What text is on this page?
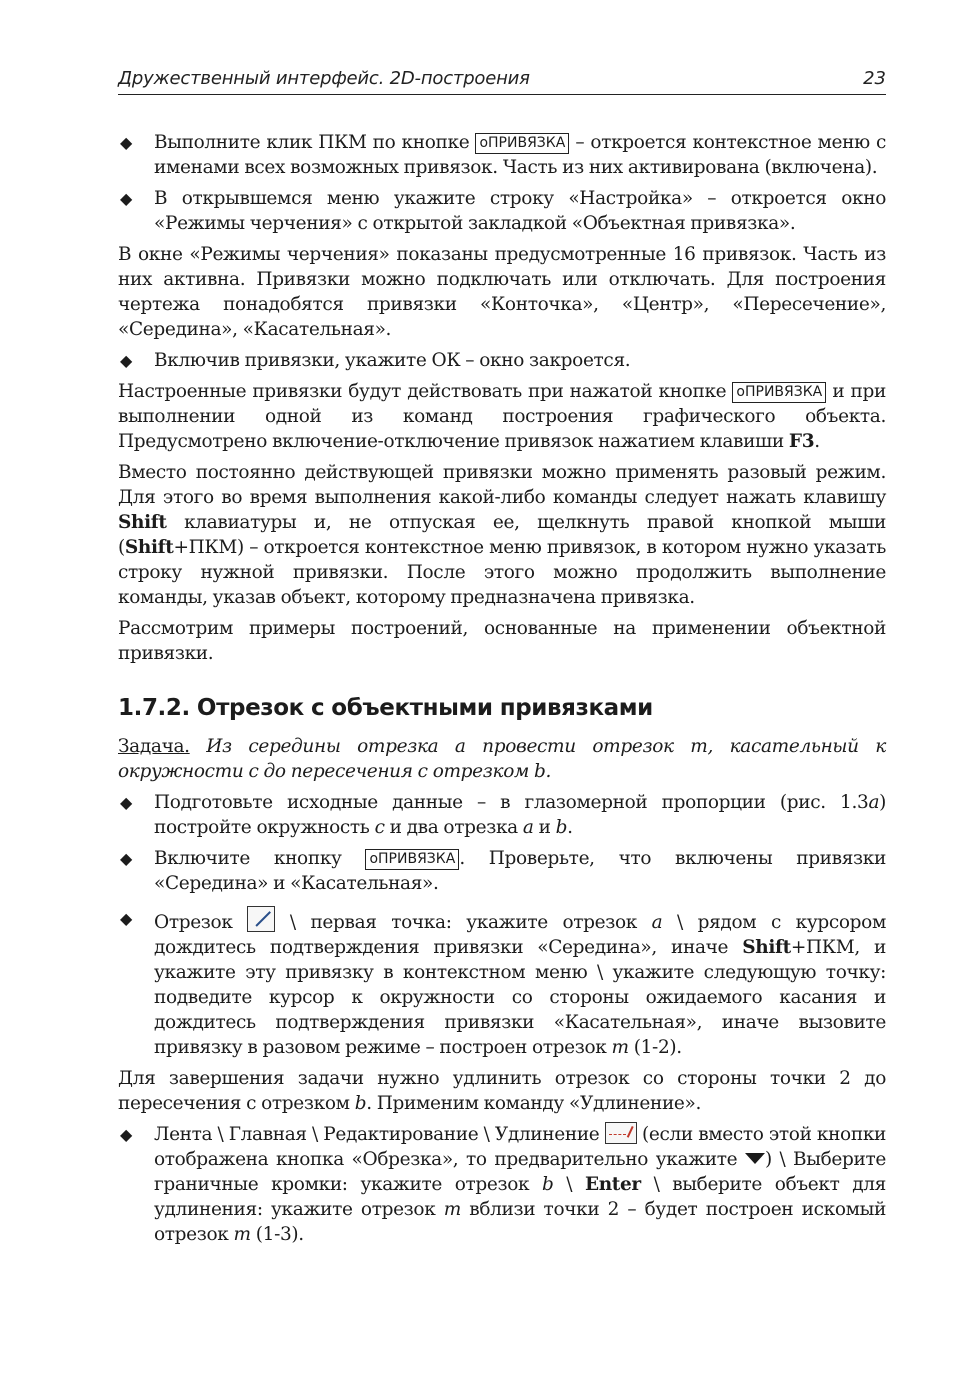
Дружественный интерфейс. 2D-построения	23
◆ Выполните клик ПКМ по кнопке оПРИВЯЗКА – откроется контекстное меню с именами всех возможных привязок. Часть из них активирована (включена).
◆ В открывшемся меню укажите строку «Настройка» – откроется окно «Режимы черчения» с открытой закладкой «Объектная привязка».

В окне «Режимы черчения» показаны предусмотренные 16 привязок. Часть из них активна. Привязки можно подключать или отключать. Для построения чертежа понадобятся привязки «Конточка», «Центр», «Пересечение», «Середина», «Касательная».

◆ Включив привязки, укажите ОК – окно закроется.

Настроенные привязки будут действовать при нажатой кнопке оПРИВЯЗКА и при выполнении одной из команд построения графического объекта. Предусмотрено включение-отключение привязок нажатием клавиши F3.

Вместо постоянно действующей привязки можно применять разовый режим. Для этого во время выполнения какой-либо команды следует нажать клавишу Shift клавиатуры и, не отпуская ее, щелкнуть правой кнопкой мыши (Shift+ПКМ) – откроется контекстное меню привязок, в котором нужно указать строку нужной привязки. После этого можно продолжить выполнение команды, указав объект, которому предназначена привязка.

Рассмотрим примеры построений, основанные на применении объектной привязки.

1.7.2. Отрезок с объектными привязками

Задача. Из середины отрезка a провести отрезок m, касательный к окружности c до пересечения с отрезком b.

◆ Подготовьте исходные данные – в глазомерной пропорции (рис. 1.3а) постройте окружность c и два отрезка a и b.
◆ Включите кнопку оПРИВЯЗКА . Проверьте, что включены привязки «Середина» и «Касательная».
◆ Отрезок  \ первая точка: укажите отрезок a \ рядом с курсором дождитесь подтверждения привязки «Середина», иначе Shift+ПКМ, и укажите эту привязку в контекстном меню \ укажите следующую точку: подведите курсор к окружности со стороны ожидаемого касания и дождитесь подтверждения привязки «Касательная», иначе вызовите привязку в разовом режиме – построен отрезок m (1-2).

Для завершения задачи нужно удлинить отрезок со стороны точки 2 до пересечения с отрезком b. Применим команду «Удлинение».

◆ Лента \ Главная \ Редактирование \ Удлинение  (если вместо этой кнопки отображена кнопка «Обрезка», то предварительно укажите ) \ Выберите граничные кромки: укажите отрезок b \ Enter \ выберите объект для удлинения: укажите отрезок m вблизи точки 2 – будет построен искомый отрезок m (1-3).
